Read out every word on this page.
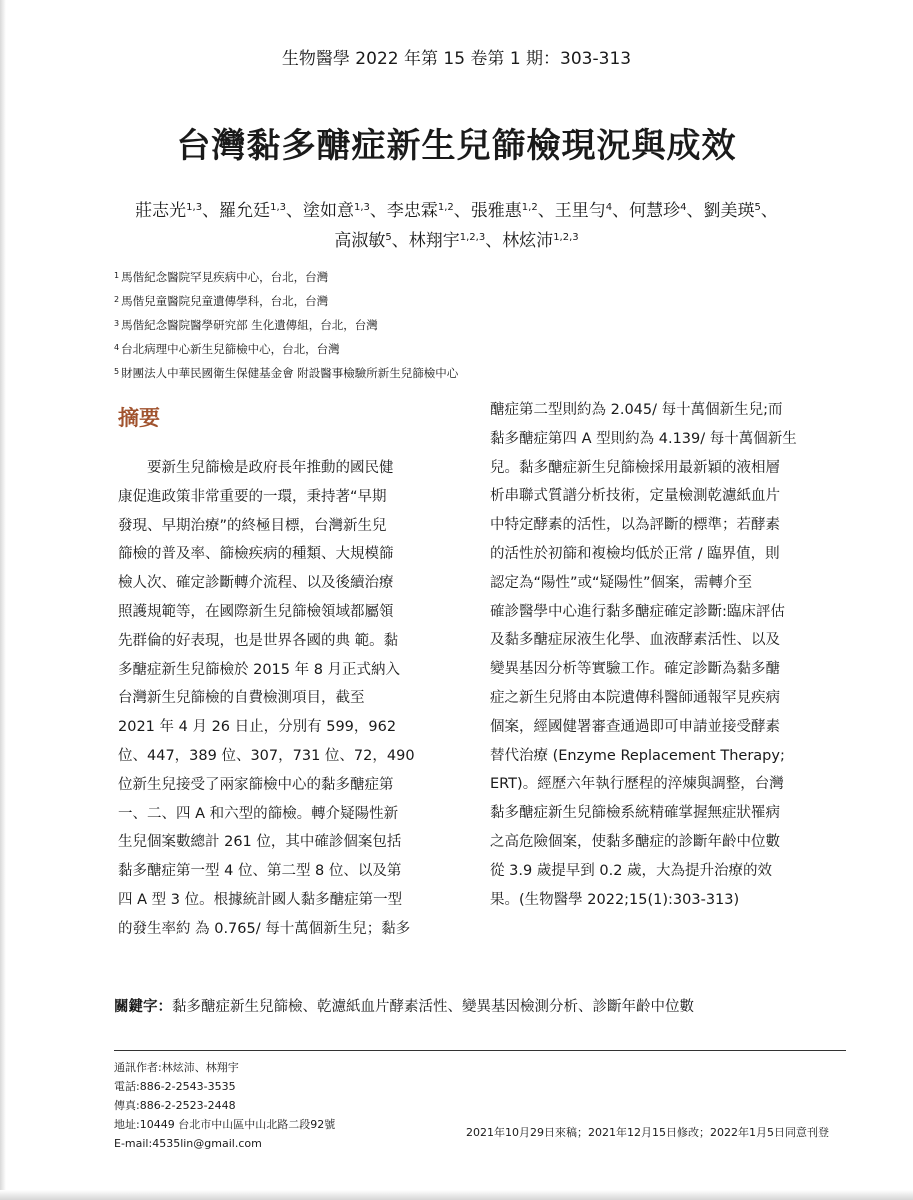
生物醫學 2022 年第 15 卷第 1 期：303-313
台灣黏多醣症新生兒篩檢現況與成效
莊志光$^{1,3}$、羅允廷$^{1,3}$、塗如意$^{1,3}$、李忠霖$^{1,2}$、張雅惠$^{1,2}$、王里勻$^4$、何慧珍$^4$、劉美瑛$^5$、
高淑敏$^5$、林翔宇$^{1,2,3}$、林炫沛$^{1,2,3}$
$^1$ 馬偕紀念醫院罕見疾病中心，台北，台灣
$^2$ 馬偕兒童醫院兒童遺傳學科，台北，台灣
$^3$ 馬偕紀念醫院醫學研究部 生化遺傳組，台北，台灣
$^4$ 台北病理中心新生兒篩檢中心，台北，台灣
$^5$ 財團法人中華民國衛生保健基金會 附設醫事檢驗所新生兒篩檢中心
摘要
　　要新生兒篩檢是政府長年推動的國民健
康促進政策非常重要的一環，秉持著“早期
發現、早期治療”的終極目標，台灣新生兒
篩檢的普及率、篩檢疾病的種類、大規模篩
檢人次、確定診斷轉介流程、以及後續治療
照護規範等，在國際新生兒篩檢領域都屬領
先群倫的好表現，也是世界各國的典 範。黏
多醣症新生兒篩檢於 2015 年 8 月正式納入
台灣新生兒篩檢的自費檢測項目，截至
2021 年 4 月 26 日止，分別有 599，962
位、447，389 位、307，731 位、72，490
位新生兒接受了兩家篩檢中心的黏多醣症第
一、二、四 A 和六型的篩檢。轉介疑陽性新
生兒個案數總計 261 位，其中確診個案包括
黏多醣症第一型 4 位、第二型 8 位、以及第
四 A 型 3 位。根據統計國人黏多醣症第一型
的發生率約 為 0.765/ 每十萬個新生兒；黏多
醣症第二型則約為 2.045/ 每十萬個新生兒;而
黏多醣症第四 A 型則約為 4.139/ 每十萬個新生
兒。黏多醣症新生兒篩檢採用最新穎的液相層
析串聯式質譜分析技術，定量檢測乾濾紙血片
中特定酵素的活性，以為評斷的標準；若酵素
的活性於初篩和複檢均低於正常 / 臨界值，則
認定為“陽性”或“疑陽性”個案，需轉介至
確診醫學中心進行黏多醣症確定診斷:臨床評估
及黏多醣症尿液生化學、血液酵素活性、以及
變異基因分析等實驗工作。確定診斷為黏多醣
症之新生兒將由本院遺傳科醫師通報罕見疾病
個案，經國健署審查通過即可申請並接受酵素
替代治療 (Enzyme Replacement Therapy;
ERT)。經歷六年執行歷程的淬煉與調整，台灣
黏多醣症新生兒篩檢系統精確掌握無症狀罹病
之高危險個案，使黏多醣症的診斷年齡中位數
從 3.9 歲提早到 0.2 歲，大為提升治療的效
果。(生物醫學 2022;15(1):303-313)
關鍵字：黏多醣症新生兒篩檢、乾濾紙血片酵素活性、變異基因檢測分析、診斷年齡中位數
通訊作者:林炫沛、林翔宇
電話:886-2-2543-3535
傳真:886-2-2523-2448
地址:10449 台北市中山區中山北路二段92號
E-mail:4535lin@gmail.com
2021年10月29日來稿；2021年12月15日修改；2022年1月5日同意刊登
